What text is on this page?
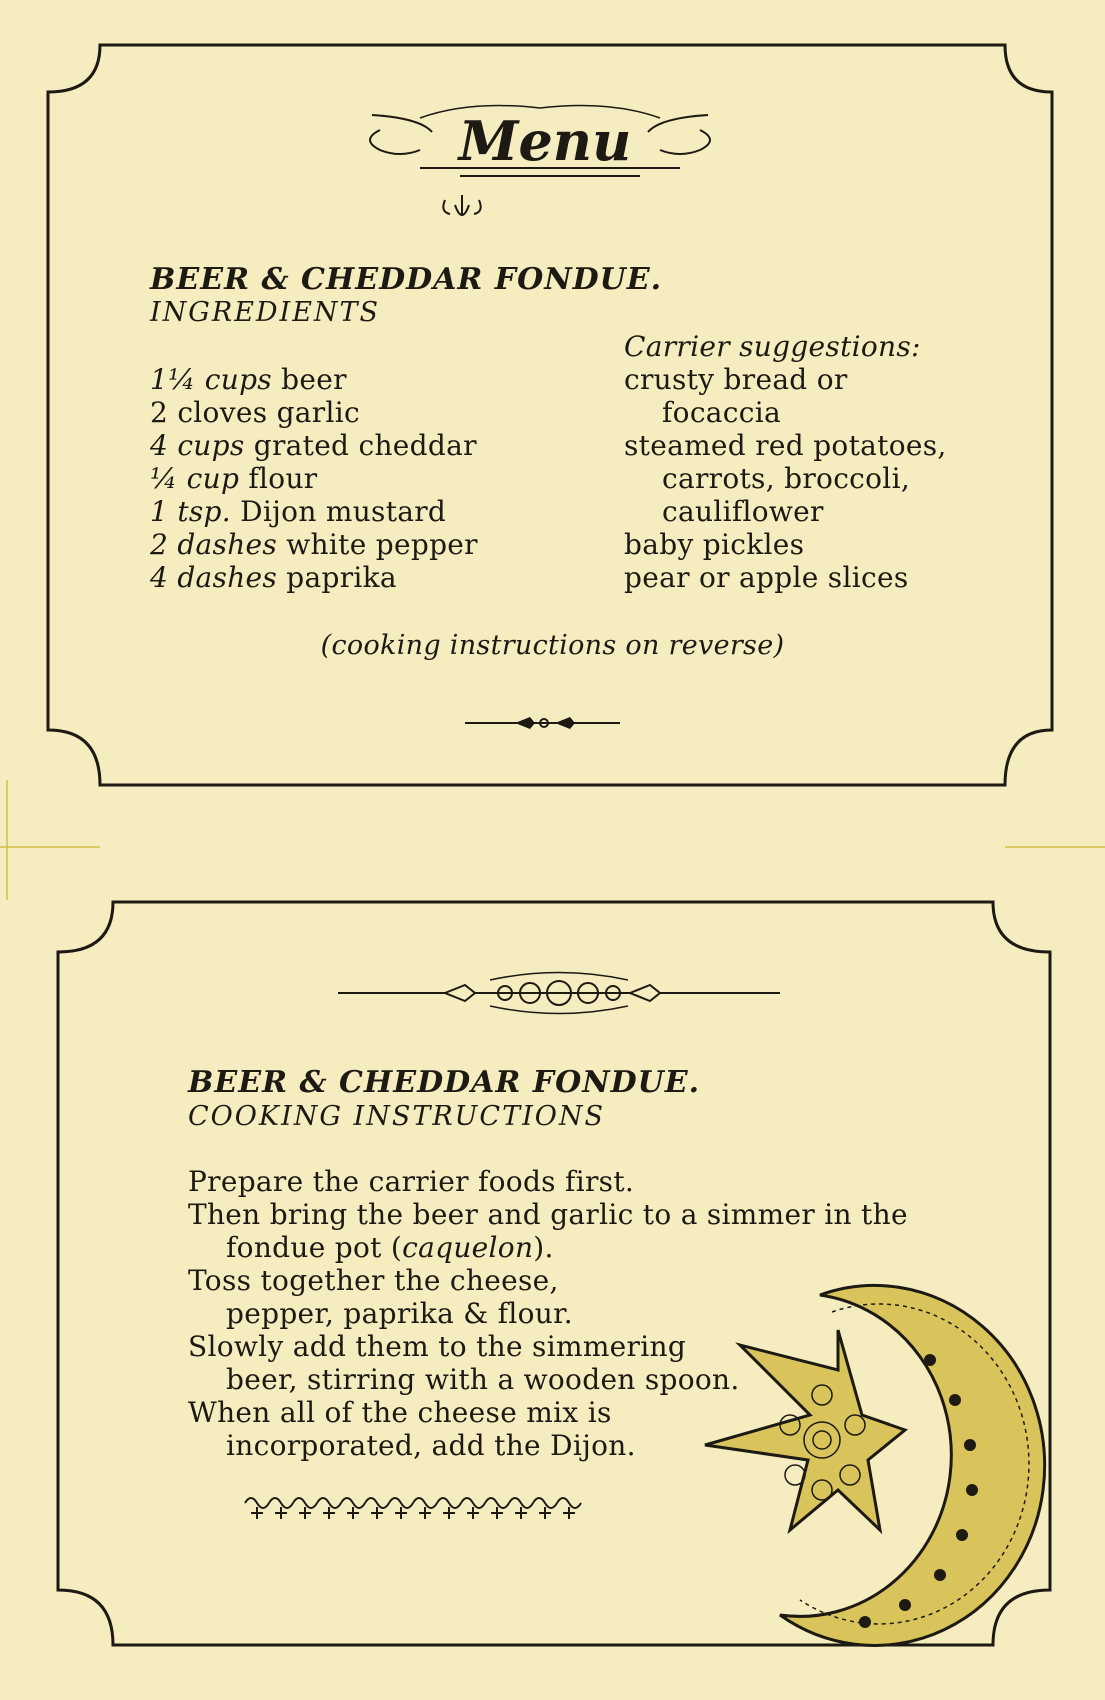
Menu
BEER & CHEDDAR FONDUE.
INGREDIENTS
1¼ cups beer
2 cloves garlic
4 cups grated cheddar
¼ cup flour
1 tsp. Dijon mustard
2 dashes white pepper
4 dashes paprika
Carrier suggestions:
crusty bread or
focaccia
steamed red potatoes,
carrots, broccoli,
cauliflower
baby pickles
pear or apple slices
(cooking instructions on reverse)
BEER & CHEDDAR FONDUE.
COOKING INSTRUCTIONS
Prepare the carrier foods first.
Then bring the beer and garlic to a simmer in the
fondue pot (caquelon).
Toss together the cheese,
pepper, paprika & flour.
Slowly add them to the simmering
beer, stirring with a wooden spoon.
When all of the cheese mix is
incorporated, add the Dijon.
